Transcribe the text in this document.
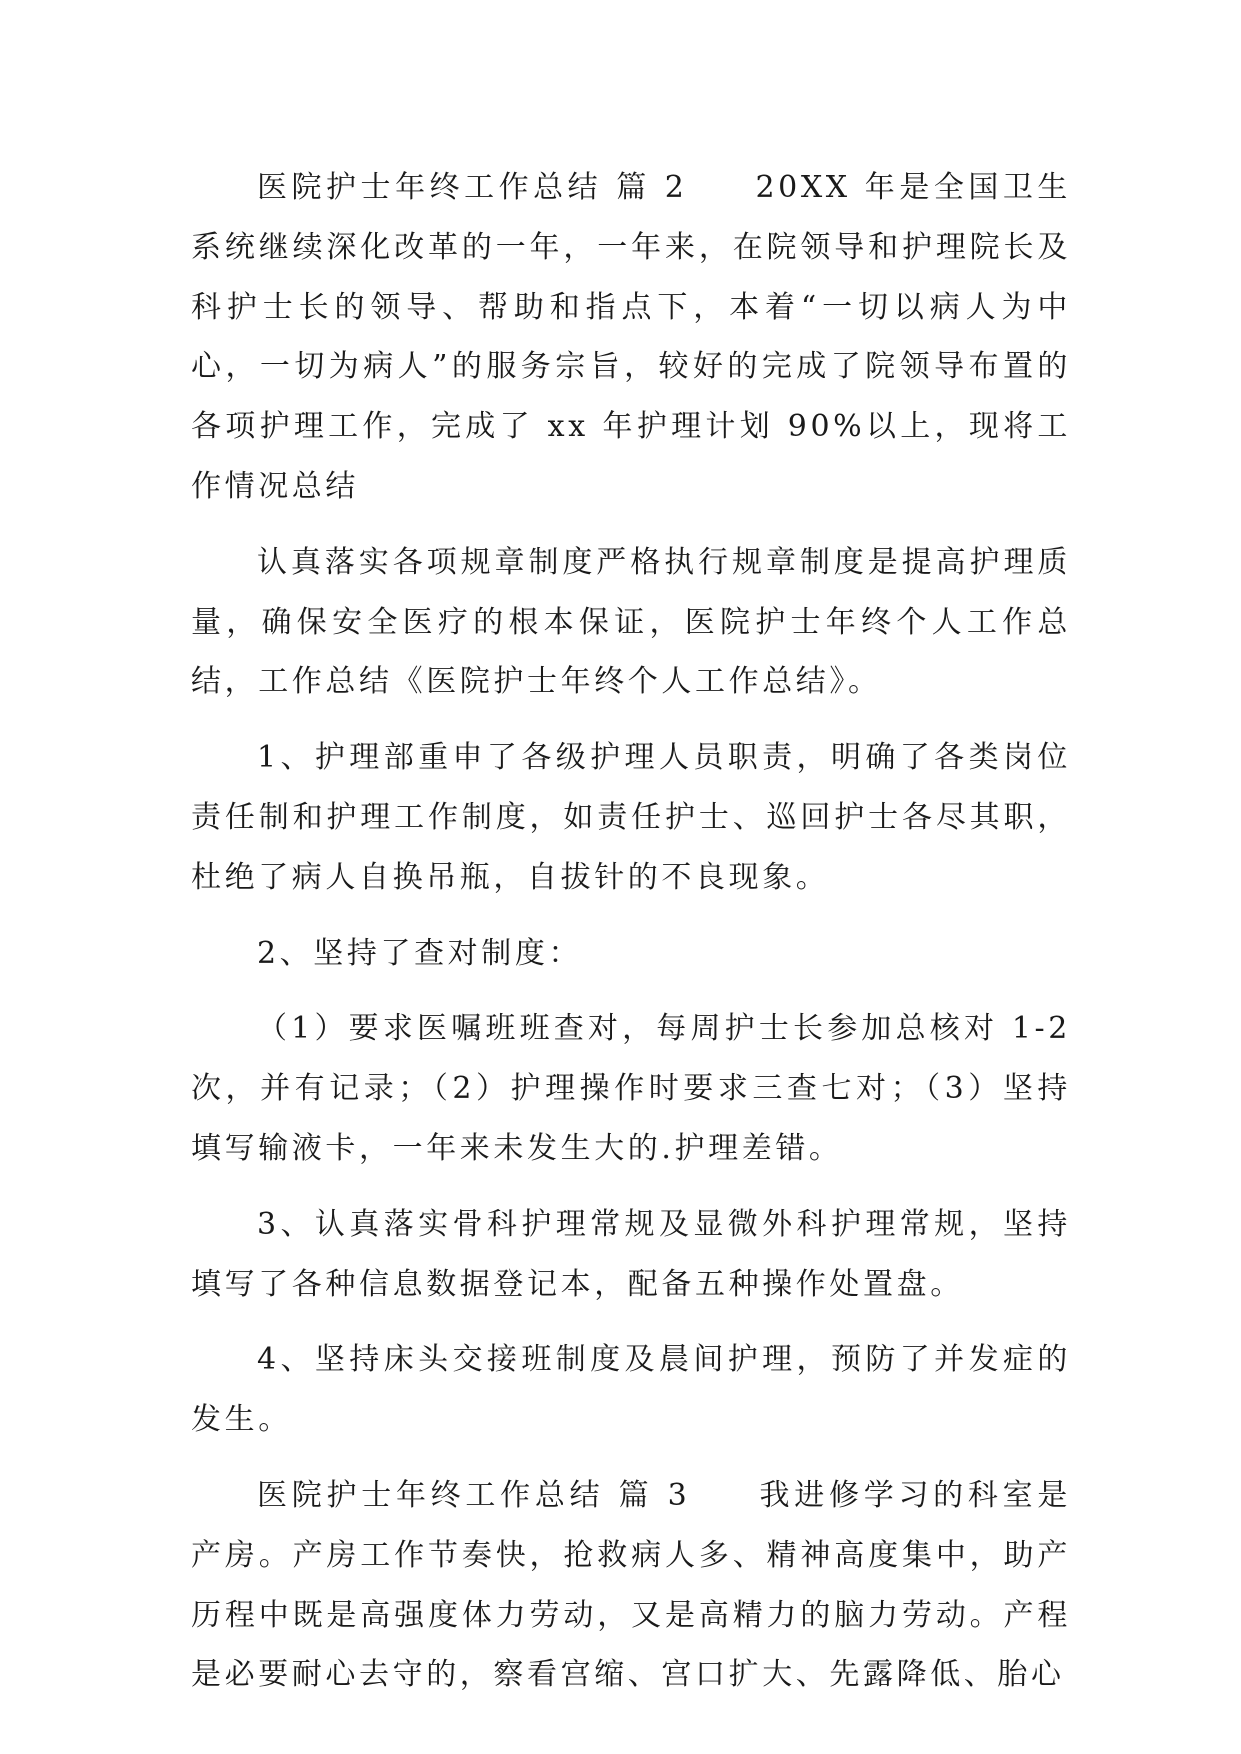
医院护士年终工作总结 篇 2 20XX 年是全国卫生系统继续深化改革的一年，一年来，在院领导和护理院长及科护士长的领导、帮助和指点下，本着“一切以病人为中心，一切为病人”的服务宗旨，较好的完成了院领导布置的各项护理工作，完成了 xx 年护理计划 90%以上，现将工作情况总结

认真落实各项规章制度严格执行规章制度是提高护理质量，确保安全医疗的根本保证，医院护士年终个人工作总结，工作总结《医院护士年终个人工作总结》。

1、护理部重申了各级护理人员职责，明确了各类岗位责任制和护理工作制度，如责任护士、巡回护士各尽其职，杜绝了病人自换吊瓶，自拔针的不良现象。

2、坚持了查对制度：

（1）要求医嘱班班查对，每周护士长参加总核对 1-2 次，并有记录；（2）护理操作时要求三查七对；（3）坚持填写输液卡，一年来未发生大的.护理差错。

3、认真落实骨科护理常规及显微外科护理常规，坚持填写了各种信息数据登记本，配备五种操作处置盘。

4、坚持床头交接班制度及晨间护理，预防了并发症的发生。

医院护士年终工作总结 篇 3 我进修学习的科室是产房。产房工作节奏快，抢救病人多、精神高度集中，助产历程中既是高强度体力劳动，又是高精力的脑力劳动。产程是必要耐心去守的，察看宫缩、宫口扩大、先露降低、胎心
